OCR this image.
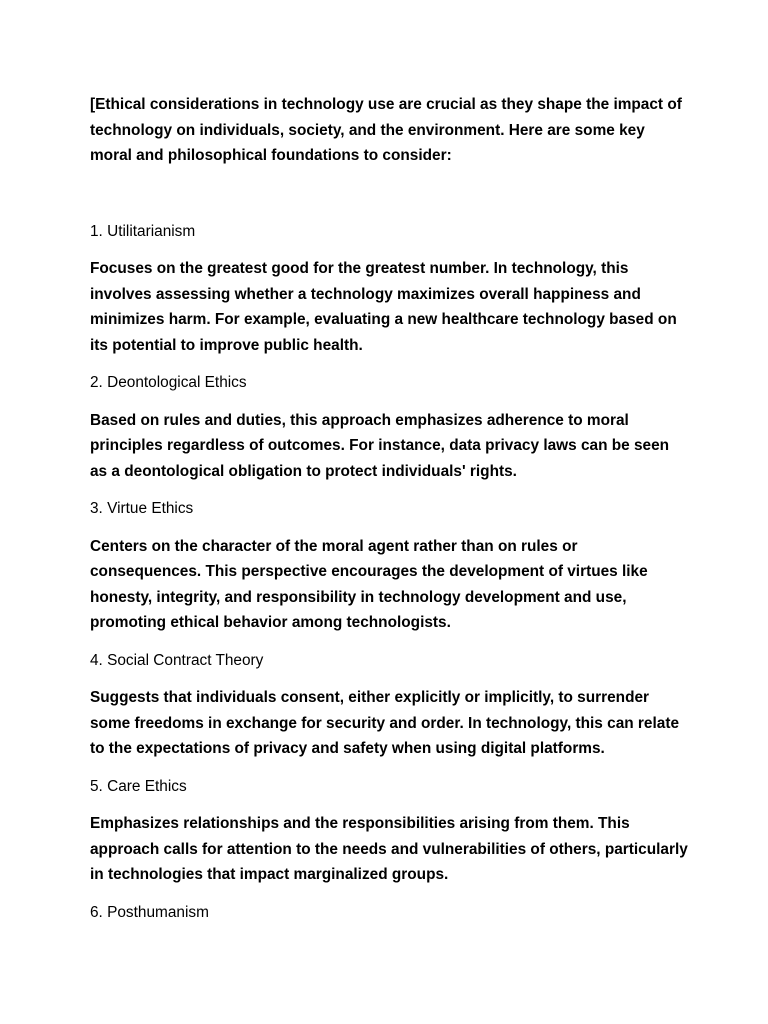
[Ethical considerations in technology use are crucial as they shape the impact of technology on individuals, society, and the environment. Here are some key moral and philosophical foundations to consider:

1. Utilitarianism

Focuses on the greatest good for the greatest number. In technology, this involves assessing whether a technology maximizes overall happiness and minimizes harm. For example, evaluating a new healthcare technology based on its potential to improve public health.

2. Deontological Ethics

Based on rules and duties, this approach emphasizes adherence to moral principles regardless of outcomes. For instance, data privacy laws can be seen as a deontological obligation to protect individuals' rights.

3. Virtue Ethics

Centers on the character of the moral agent rather than on rules or consequences. This perspective encourages the development of virtues like honesty, integrity, and responsibility in technology development and use, promoting ethical behavior among technologists.

4. Social Contract Theory

Suggests that individuals consent, either explicitly or implicitly, to surrender some freedoms in exchange for security and order. In technology, this can relate to the expectations of privacy and safety when using digital platforms.

5. Care Ethics

Emphasizes relationships and the responsibilities arising from them. This approach calls for attention to the needs and vulnerabilities of others, particularly in technologies that impact marginalized groups.

6. Posthumanism
